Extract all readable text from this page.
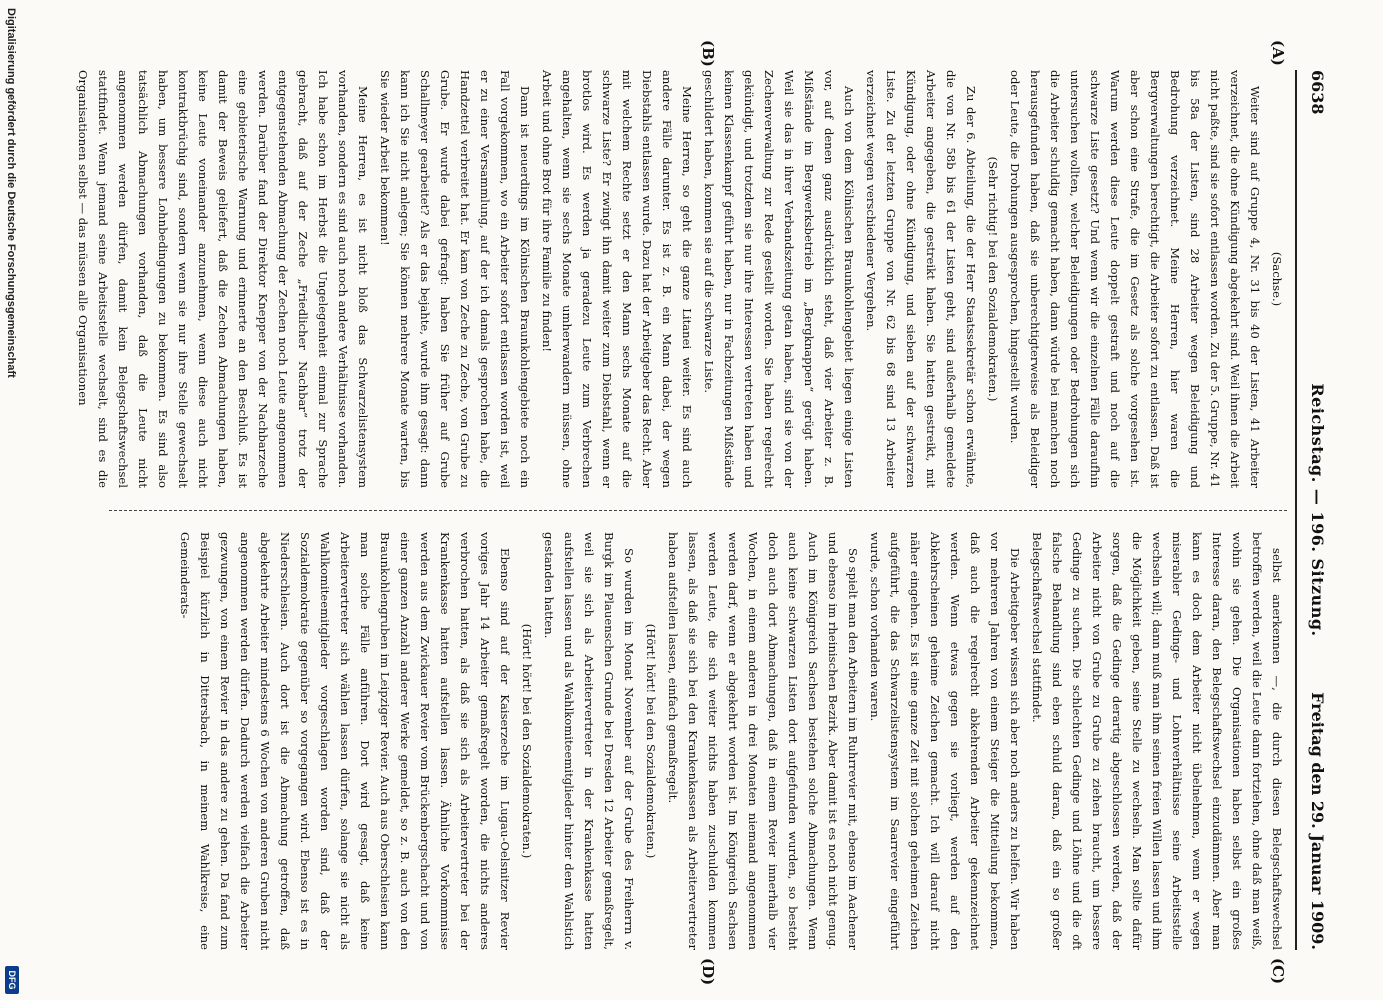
6638
Reichstag. — 196. Sitzung.
Freitag den 29. Januar 1909.
(A)
(B)
(C)
(D)

(Sachse.)

Weiter sind auf Gruppe 4, Nr. 31 bis 40 der Listen, 41 Arbeiter verzeichnet, die ohne Kündigung abgekehrt sind. Weil ihnen die Arbeit nicht paßte, sind sie sofort entlassen worden. Zu der 5. Gruppe, Nr. 41 bis 58a der Listen, sind 28 Arbeiter wegen Beleidigung und Bedrohung verzeichnet. Meine Herren, hier waren die Bergverwaltungen berechtigt, die Arbeiter sofort zu entlassen. Daß ist aber schon eine Strafe, die im Gesetz als solche vorgesehen ist. Warum werden diese Leute doppelt gestraft und noch auf die schwarze Liste gesetzt? Und wenn wir die einzelnen Fälle daraufhin untersuchen wollten, welcher Beleidigungen oder Bedrohungen sich die Arbeiter schuldig gemacht haben, dann würde bei manchen noch herausgefunden haben, daß sie unberechtigterweise als Beleidiger oder Leute, die Drohungen ausgesprochen, hingestellt wurden.

(Sehr richtig! bei den Sozialdemokraten.)

Zu der 6. Abteilung, die der Herr Staatssekretär schon erwähnte, die von Nr. 58b bis 61 der Listen geht, sind außerhalb gemeldete Arbeiter angegeben, die gestreikt haben. Sie hatten gestreikt, mit Kündigung, oder ohne Kündigung, und sieben auf der schwarzen Liste. Zu der letzten Gruppe von Nr. 62 bis 68 sind 13 Arbeiter verzeichnet wegen verschiedener Vergehen.

Auch von dem Kölnischen Braunkohlengebiet liegen einige Listen vor, auf denen ganz ausdrücklich steht, daß vier Arbeiter z. B. Mißstände im Bergwerksbetrieb im „Bergknappen“ gerügt haben. Weil sie das in ihrer Verbandszeitung getan haben, sind sie von der Zechenverwaltung zur Rede gestellt worden. Sie haben regelrecht gekündigt, und trotzdem sie nur ihre Interessen vertreten haben und keinen Klassenkampf geführt haben, nur in Fachzeitungen Mißstände geschildert haben, kommen sie auf die schwarze Liste.

Meine Herren, so geht die ganze Litanei weiter. Es sind auch andere Fälle darunter. Es ist z. B. ein Mann dabei, der wegen Diebstahls entlassen wurde. Dazu hat der Arbeitgeber das Recht. Aber mit welchem Rechte setzt er den Mann sechs Monate auf die schwarze Liste? Er zwingt ihn damit weiter zum Diebstahl, wenn er brotlos wird. Es werden ja geradezu Leute zum Verbrechen angehalten, wenn sie sechs Monate umherwandern müssen, ohne Arbeit und ohne Brot für ihre Familie zu finden!

Dann ist neuerdings im Kölnischen Braunkohlengebiete noch ein Fall vorgekommen, wo ein Arbeiter sofort entlassen worden ist, weil er zu einer Versammlung, auf der ich damals gesprochen habe, die Handzettel verbreitet hat. Er kam von Zeche zu Zeche, von Grube zu Grube. Er wurde dabei gefragt: haben Sie früher auf Grube Schallmeyer gearbeitet? Als er das bejahte, wurde ihm gesagt: dann kann ich Sie nicht anlegen; Sie können mehrere Monate warten, bis Sie wieder Arbeit bekommen!

Meine Herren, es ist nicht bloß das Schwarzelistensystem vorhanden, sondern es sind auch noch andere Verhältnisse vorhanden. Ich habe schon im Herbst die Ungelegenheit einmal zur Sprache gebracht, daß auf der Zeche „Friedlicher Nachbar“ trotz der entgegenstehenden Abmachung der Zechen noch Leute angenommen werden. Darüber fand der Direktor Knepper von der Nachbarzeche eine gebieterische Warnung und erinnerte an den Beschluß. Es ist damit der Beweis geliefert, daß die Zechen Abmachungen haben, keine Leute voneinander anzunehmen, wenn diese auch nicht kontraktbrüchig sind, sondern wenn sie nur ihre Stelle gewechselt haben, um bessere Lohnbedingungen zu bekommen. Es sind also tatsächlich Abmachungen vorhanden, daß die Leute nicht angenommen werden dürfen, damit kein Belegschaftswechsel stattfindet. Wenn jemand seine Arbeitsstelle wechselt, sind es die Organisationen selbst — das müssen alle Organisationen

selbst anerkennen —, die durch diesen Belegschaftswechsel betroffen werden, weil die Leute dann fortziehen, ohne daß man weiß, wohin sie gehen. Die Organisationen haben selbst ein großes Interesse daran, den Belegschaftswechsel einzudämmen. Aber man kann es doch dem Arbeiter nicht übelnehmen, wenn er wegen miserabler Gedinge- und Lohnverhältnisse seine Arbeitsstelle wechseln will; dann muß man ihm seinen freien Willen lassen und ihm die Möglichkeit geben, seine Stelle zu wechseln. Man sollte dafür sorgen, daß die Gedinge derartig abgeschlossen werden, daß der Arbeiter nicht von Grube zu Grube zu ziehen braucht, um bessere Gedinge zu suchen. Die schlechten Gedinge und Löhne und die oft falsche Behandlung sind eben schuld daran, daß ein so großer Belegschaftswechsel stattfindet.

Die Arbeitgeber wissen sich aber noch anders zu helfen. Wir haben vor mehreren Jahren von einem Steiger die Mitteilung bekommen, daß auch die regelrecht abkehrenden Arbeiter gekennzeichnet werden. Wenn etwas gegen sie vorliegt, werden auf den Abkehrscheinen geheime Zeichen gemacht. Ich will darauf nicht näher eingehen. Es ist eine ganze Zeit mit solchen geheimen Zeichen aufgeführt, die das Schwarzelistensystem im Saarrevier eingeführt wurde, schon vorhanden waren.

So spielt man den Arbeitern im Ruhrrevier mit, ebenso im Aachener und ebenso im rheinischen Bezirk. Aber damit ist es noch nicht genug. Auch im Königreich Sachsen bestehen solche Abmachungen. Wenn auch keine schwarzen Listen dort aufgefunden wurden, so besteht doch auch dort Abmachungen, daß in einem Revier innerhalb vier Wochen, in einem anderen in drei Monaten niemand angenommen werden darf, wenn er abgekehrt worden ist. Im Königreich Sachsen werden Leute, die sich weiter nichts haben zuschulden kommen lassen, als daß sie sich bei den Krankenkassen als Arbeitervertreter haben aufstellen lassen, einfach gemaßregelt.

(Hört! hört! bei den Sozialdemokraten.)

So wurden im Monat November auf der Grube des Freiherrn v. Burgk im Plauenschen Grunde bei Dresden 12 Arbeiter gemaßregelt, weil sie sich als Arbeitervertreter in der Krankenkasse hatten aufstellen lassen und als Wahlkomiteemitglieder hinter dem Wahlstich gestanden hatten.

(Hört! hört! bei den Sozialdemokraten.)

Ebenso sind auf der Kaiserzeche im Lugau-Oelsnitzer Revier voriges Jahr 14 Arbeiter gemaßregelt worden, die nichts anderes verbrochen hatten, als daß sie sich als Arbeitervertreter bei der Krankenkasse hatten aufstellen lassen. Ähnliche Vorkommnisse werden aus dem Zwickauer Revier vom Brückenbergschacht und von einer ganzen Anzahl anderer Werke gemeldet, so z. B. auch von den Braunkohlengruben im Leipziger Revier. Auch aus Oberschlesien kann man solche Fälle anführen. Dort wird gesagt, daß keine Arbeitervertreter sich wählen lassen dürfen, solange sie nicht als Wahlkomiteemitglieder vorgeschlagen worden sind, daß der Sozialdemokratie gegenüber so vorgegangen wird. Ebenso ist es in Niederschlesien. Auch dort ist die Abmachung getroffen, daß abgekehrte Arbeiter mindestens 6 Wochen von anderen Gruben nicht angenommen werden dürfen. Dadurch werden vielfach die Arbeiter gezwungen, von einem Revier in das andere zu gehen. Da fand zum Beispiel kürzlich in Dittersbach, in meinem Wahlkreise, eine Gemeinderats-

Digitalisierung gefördert durch die Deutsche Forschungsgemeinschaft
DFG
